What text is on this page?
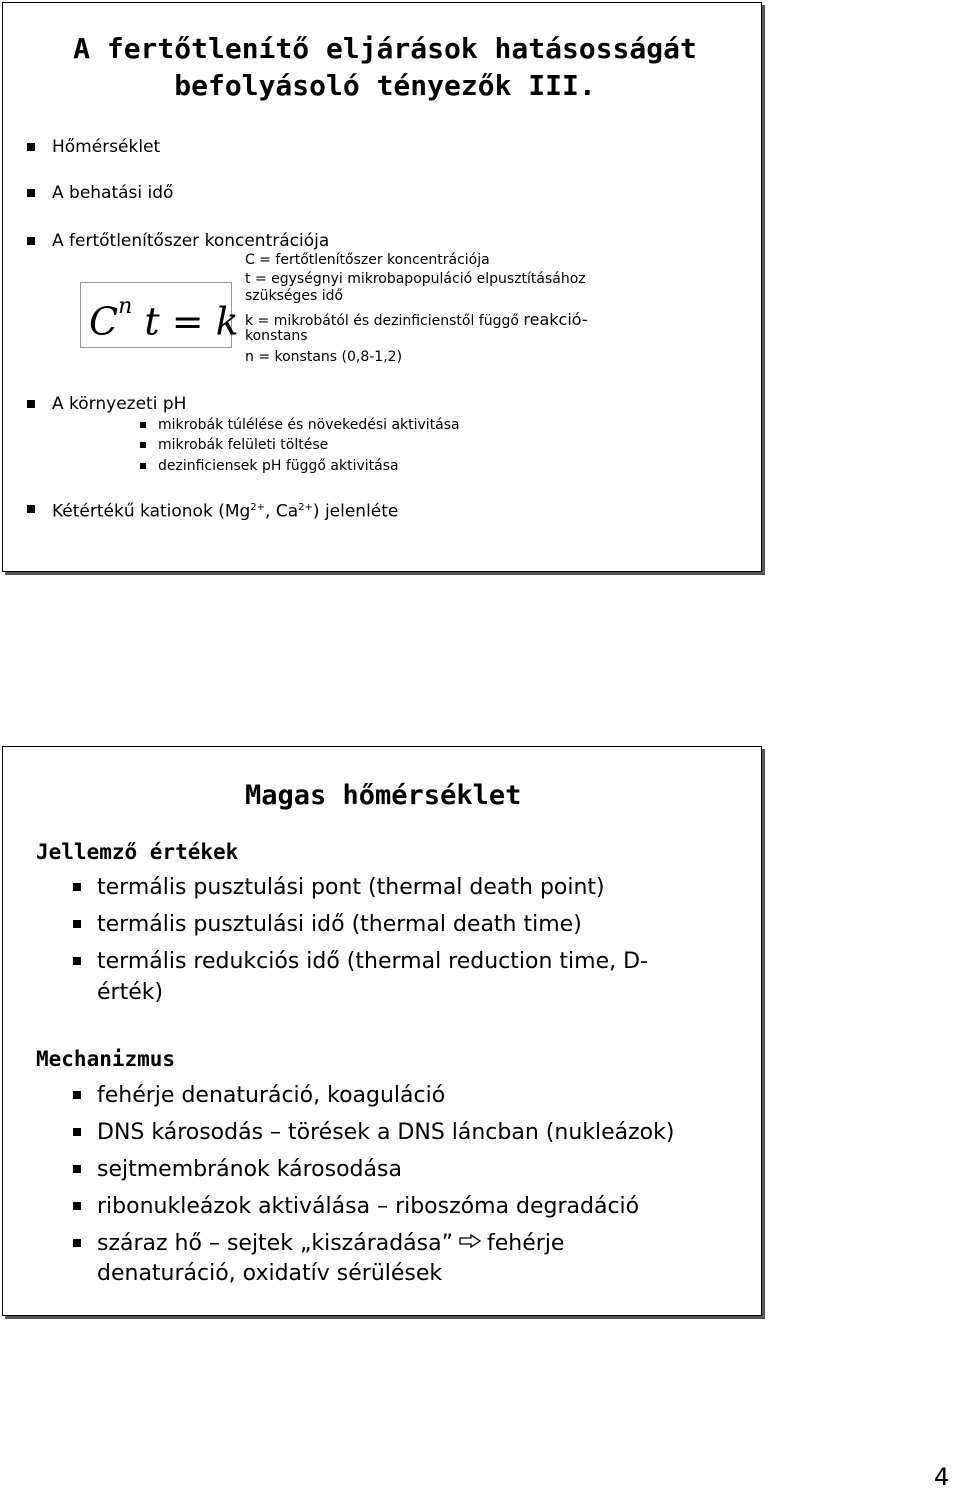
A fertőtlenítő eljárások hatásosságát
befolyásoló tényezők III.
Hőmérséklet
A behatási idő
A fertőtlenítőszer koncentrációja
$C^n$ t = k
C = fertőtlenítőszer koncentrációja
t = egységnyi mikrobapopuláció elpusztításához
szükséges idő
k = mikrobától és dezinficienstől függő reakció-
konstans
n = konstans (0,8-1,2)
A környezeti pH
mikrobák túlélése és növekedési aktivitása
mikrobák felületi töltése
dezinficiensek pH függő aktivitása
Kétértékű kationok ($Mg^{2+}$, $Ca^{2+}$) jelenléte
Magas hőmérséklet
Jellemző értékek
termális pusztulási pont (thermal death point)
termális pusztulási idő (thermal death time)
termális redukciós idő (thermal reduction time, D-
érték)
Mechanizmus
fehérje denaturáció, koaguláció
DNS károsodás – törések a DNS láncban (nukleázok)
sejtmembránok károsodása
ribonukleázok aktiválása – riboszóma degradáció
száraz hő – sejtek „kiszáradása” fehérje
denaturáció, oxidatív sérülések
4
